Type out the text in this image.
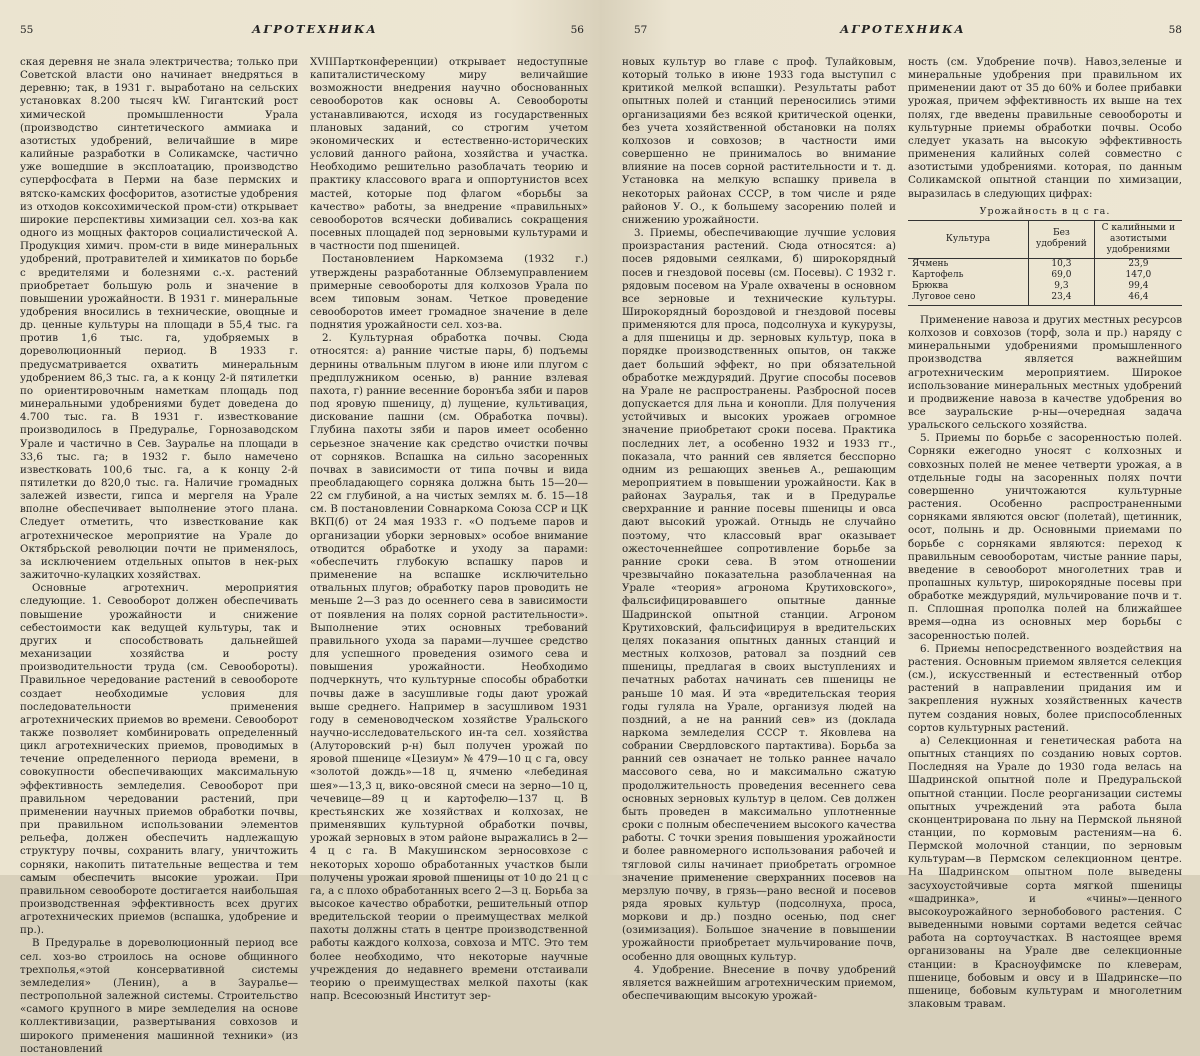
55	АГРОТЕХНИКА	56

ская деревня не знала электричества; только при Советской власти оно начинает внедряться в деревню; так, в 1931 г. выработано на сельских установках 8.200 тысяч kW. Гигантский рост химической промышленности Урала (производство синтетического аммиака и азотистых удобрений, величайшие в мире калийные разработки в Соликамске, частично уже вошедшие в эксплоатацию, производство суперфосфата в Перми на базе пермских и вятско-камских фосфоритов, азотистые удобрения из отходов коксохимической пром-сти) открывает широкие перспективы химизации сел. хоз-ва как одного из мощных факторов социалистической А. Продукция химич. пром-сти в виде минеральных удобрений, протравителей и химикатов по борьбе с вредителями и болезнями с.-х. растений приобретает большую роль и значение в повышении урожайности. В 1931 г. минеральные удобрения вносились в технические, овощные и др. ценные культуры на площади в 55,4 тыс. га против 1,6 тыс. га, удобряемых в дореволюционный период. В 1933 г. предусматривается охватить минеральным удобрением 86,3 тыс. га, а к концу 2-й пятилетки по ориентировочным наметкам площадь под минеральными удобрениями будет доведена до 4.700 тыс. га. В 1931 г. известкование производилось в Предуралье, Горнозаводском Урале и частично в Сев. Зауралье на площади в 33,6 тыс. га; в 1932 г. было намечено известковать 100,6 тыс. га, а к концу 2-й пятилетки до 820,0 тыс. га. Наличие громадных залежей извести, гипса и мергеля на Урале вполне обеспечивает выполнение этого плана. Следует отметить, что известкование как агротехническое мероприятие на Урале до Октябрьской революции почти не применялось, за исключением отдельных опытов в нек-рых зажиточно-кулацких хозяйствах.

Основные агротехнич. мероприятия следующие. 1. Севооборот должен обеспечивать повышение урожайности и снижение себестоимости как ведущей культуры, так и других и способствовать дальнейшей механизации хозяйства и росту производительности труда (см. Севообороты). Правильное чередование растений в севообороте создает необходимые условия для последовательности применения агротехнических приемов во времени. Севооборот также позволяет комбинировать определенный цикл агротехнических приемов, проводимых в течение определенного периода времени, в совокупности обеспечивающих максимальную эффективность земледелия. Севооборот при правильном чередовании растений, при применении научных приемов обработки почвы, при правильном использовании элементов рельефа, должен обеспечить надлежащую структуру почвы, сохранить влагу, уничтожить сорняки, накопить питательные вещества и тем самым обеспечить высокие урожаи. При правильном севообороте достигается наибольшая производственная эффективность всех других агротехнических приемов (вспашка, удобрение и пр.).

В Предуралье в дореволюционный период все сел. хоз-во строилось на основе общинного трехполья,«этой консервативной системы земледелия» (Ленин), а в Зауралье—пестропольной залежной системы. Строительство «самого крупного в мире земледелия на основе коллективизации, развертывания совхозов и широкого применения машинной техники» (из постановлений

XVIIПартконференции) открывает недоступные капиталистическому миру величайшие возможности внедрения научно обоснованных севооборотов как основы А. Севообороты устанавливаются, исходя из государственных плановых заданий, со строгим учетом экономических и естественно-исторических условий данного района, хозяйства и участка. Необходимо решительно разоблачать теорию и практику классового врага и оппортунистов всех мастей, которые под флагом «борьбы за качество» работы, за внедрение «правильных» севооборотов всячески добивались сокращения посевных площадей под зерновыми культурами и в частности под пшеницей.

Постановлением Наркомзема (1932 г.) утверждены разработанные Облземуправлением примерные севообороты для колхозов Урала по всем типовым зонам. Четкое проведение севооборотов имеет громадное значение в деле поднятия урожайности сел. хоз-ва.

2. Культурная обработка почвы. Сюда относятся: а) ранние чистые пары, б) подъемы дернины отвальным плугом в июне или плугом с предплужником осенью, в) ранние взлевая пахота, г) ранние весенние боронъба зяби и паров под яровую пшеницу, д) лущение, культивация, дискование пашни (см. Обработка почвы). Глубина пахоты зяби и паров имеет особенно серьезное значение как средство очистки почвы от сорняков. Вспашка на сильно засоренных почвах в зависимости от типа почвы и вида преобладающего сорняка должна быть 15—20—22 см глубиной, а на чистых землях м. б. 15—18 см. В постановлении Совнаркома Союза ССР и ЦК ВКП(б) от 24 мая 1933 г. «О подъеме паров и организации уборки зерновых» особое внимание отводится обработке и уходу за парами: «обеспечить глубокую вспашку паров и применение на вспашке исключительно отвальных плугов; обработку паров проводить не меньше 2—3 раз до осеннего сева в зависимости от появления на полях сорной растительности». Выполнение этих основных требований правильного ухода за парами—лучшее средство для успешного проведения озимого сева и повышения урожайности. Необходимо подчеркнуть, что культурные способы обработки почвы даже в засушливые годы дают урожай выше среднего. Например в засушливом 1931 году в семеноводческом хозяйстве Уральского научно-исследовательского ин-та сел. хозяйства (Алуторовский р-н) был получен урожай по яровой пшенице «Цезиум» № 479—10 ц с га, овсу «золотой дождь»—18 ц, ячменю «лебединая шея»—13,3 ц, вико-овсяной смеси на зерно—10 ц, чечевице—89 ц и картофелю—137 ц. В крестьянских же хозяйствах и колхозах, не применявших культурной обработки почвы, урожай зерновых в этом районе выражались в 2—4 ц с га. В Макушинском зерносовхозе с некоторых хорошо обработанных участков были получены урожаи яровой пшеницы от 10 до 21 ц с га, а с плохо обработанных всего 2—3 ц. Борьба за высокое качество обработки, решительный отпор вредительской теории о преимуществах мелкой пахоты должны стать в центре производственной работы каждого колхоза, совхоза и МТС. Это тем более необходимо, что некоторые научные учреждения до недавнего времени отстаивали теорию о преимуществах мелкой пахоты (как напр. Всесоюзный Институт зер-

57	АГРОТЕХНИКА	58

новых культур во главе с проф. Тулайковым, который только в июне 1933 года выступил с критикой мелкой вспашки). Результаты работ опытных полей и станций переносились этими организациями без всякой критической оценки, без учета хозяйственной обстановки на полях колхозов и совхозов; в частности ими совершенно не принималось во внимание влияние на посев сорной растительности и т. д. Установка на мелкую вспашку привела в некоторых районах СССР, в том числе и ряде районов У. О., к большему засорению полей и снижению урожайности.

3. Приемы, обеспечивающие лучшие условия произрастания растений. Сюда относятся: а) посев рядовыми сеялками, б) широкорядный посев и гнездовой посевы (см. Посевы). С 1932 г. рядовым посевом на Урале охвачены в основном все зерновые и технические культуры. Широкорядный бороздовой и гнездовой посевы применяются для проса, подсолнуха и кукурузы, а для пшеницы и др. зерновых культур, пока в порядке производственных опытов, он также дает больший эффект, но при обязательной обработке междурядий. Другие способы посевов на Урале не распространены. Разбросной посев допускается для льна и конопли. Для получения устойчивых и высоких урожаев огромное значение приобретают сроки посева. Практика последних лет, а особенно 1932 и 1933 гг., показала, что ранний сев является бесспорно одним из решающих звеньев А., решающим мероприятием в повышении урожайности. Как в районах Зауралья, так и в Предуралье сверхранние и ранние посевы пшеницы и овса дают высокий урожай. Отныдь не случайно поэтому, что классовый враг оказывает ожесточеннейшее сопротивление борьбе за ранние сроки сева. В этом отношении чрезвычайно показательна разоблаченная на Урале «теория» агронома Крутиховского», фальсифицировавшего опытные данные Шадринской опытной станции. Агроном Крутиховский, фальсифицируя в вредительских целях показания опытных данных станций и местных колхозов, ратовал за поздний сев пшеницы, предлагая в своих выступлениях и печатных работах начинать сев пшеницы не раньше 10 мая. И эта «вредительская теория годы гуляла на Урале, организуя людей на поздний, а не на ранний сев» из (доклада наркома земледелия СССР т. Яковлева на собрании Свердловского партактива). Борьба за ранний сев означает не только раннее начало массового сева, но и максимально сжатую продолжительность проведения весеннего сева основных зерновых культур в целом. Сев должен быть проведен в максимально уплотненные сроки с полным обеспечением высокого качества работы. С точки зрения повышения урожайности и более равномерного использования рабочей и тягловой силы начинает приобретать огромное значение применение сверхранних посевов на мерзлую почву, в грязь—рано весной и посевов ряда яровых культур (подсолнуха, проса, моркови и др.) поздно осенью, под снег (озимизация). Большое значение в повышении урожайности приобретает мульчирование почв, особенно для овощных культур.

4. Удобрение. Внесение в почву удобрений является важнейшим агротехническим приемом, обеспечивающим высокую урожай-

ность (см. Удобрение почв). Навоз,зеленые и минеральные удобрения при правильном их применении дают от 35 до 60% и более прибавки урожая, причем эффективность их выше на тех полях, где введены правильные севообороты и культурные приемы обработки почвы. Особо следует указать на высокую эффективность применения калийных солей совместно с азотистыми удобрениями. которая, по данным Соликамской опытной станции по химизации, выразилась в следующих цифрах:

Урожайность в ц с га.
Культура	Без удобрений	С калийными и азотистыми удобрениями
Ячмень	10,3	23,9
Картофель	69,0	147,0
Брюква	9,3	99,4
Луговое сено	23,4	46,4

Применение навоза и других местных ресурсов колхозов и совхозов (торф, зола и пр.) наряду с минеральными удобрениями промышленного производства является важнейшим агротехническим мероприятием. Широкое использование минеральных местных удобрений и продвижение навоза в качестве удобрения во все зауральские р-ны—очередная задача уральского сельского хозяйства.

5. Приемы по борьбе с засоренностью полей. Сорняки ежегодно уносят с колхозных и совхозных полей не менее четверти урожая, а в отдельные годы на засоренных полях почти совершенно уничтожаются культурные растения. Особенно распространенными сорняками являются овсюг (полетай), щетинник, осот, полынь и др. Основными приемами по борьбе с сорняками являются: переход к правильным севооборотам, чистые ранние пары, введение в севооборот многолетних трав и пропашных культур, широкорядные посевы при обработке междурядий, мульчирование почв и т. п. Сплошная прополка полей на ближайшее время—одна из основных мер борьбы с засоренностью полей.

6. Приемы непосредственного воздействия на растения. Основным приемом является селекция (см.), искусственный и естественный отбор растений в направлении придания им и закрепления нужных хозяйственных качеств путем создания новых, более приспособленных сортов культурных растений.

а) Селекционная и генетическая работа на опытных станциях по созданию новых сортов. Последняя на Урале до 1930 года велась на Шадринской опытной поле и Предуральской опытной станции. После реорганизации системы опытных учреждений эта работа была сконцентрирована по льну на Пермской льняной станции, по кормовым растениям—на 6. Пермской молочной станции, по зерновым культурам—в Пермском селекционном центре. На Шадринском опытном поле выведены засухоустойчивые сорта мягкой пшеницы «шадринка», и «чины»—ценного высокоурожайного зернобобового растения. С выведенными новыми сортами ведется сейчас работа на сортоучастках. В настоящее время организованы на Урале две селекционные станции: в Красноуфимске по клеверам, пшенице, бобовым и овсу и в Шадринске—по пшенице, бобовым культурам и многолетним злаковым травам.
